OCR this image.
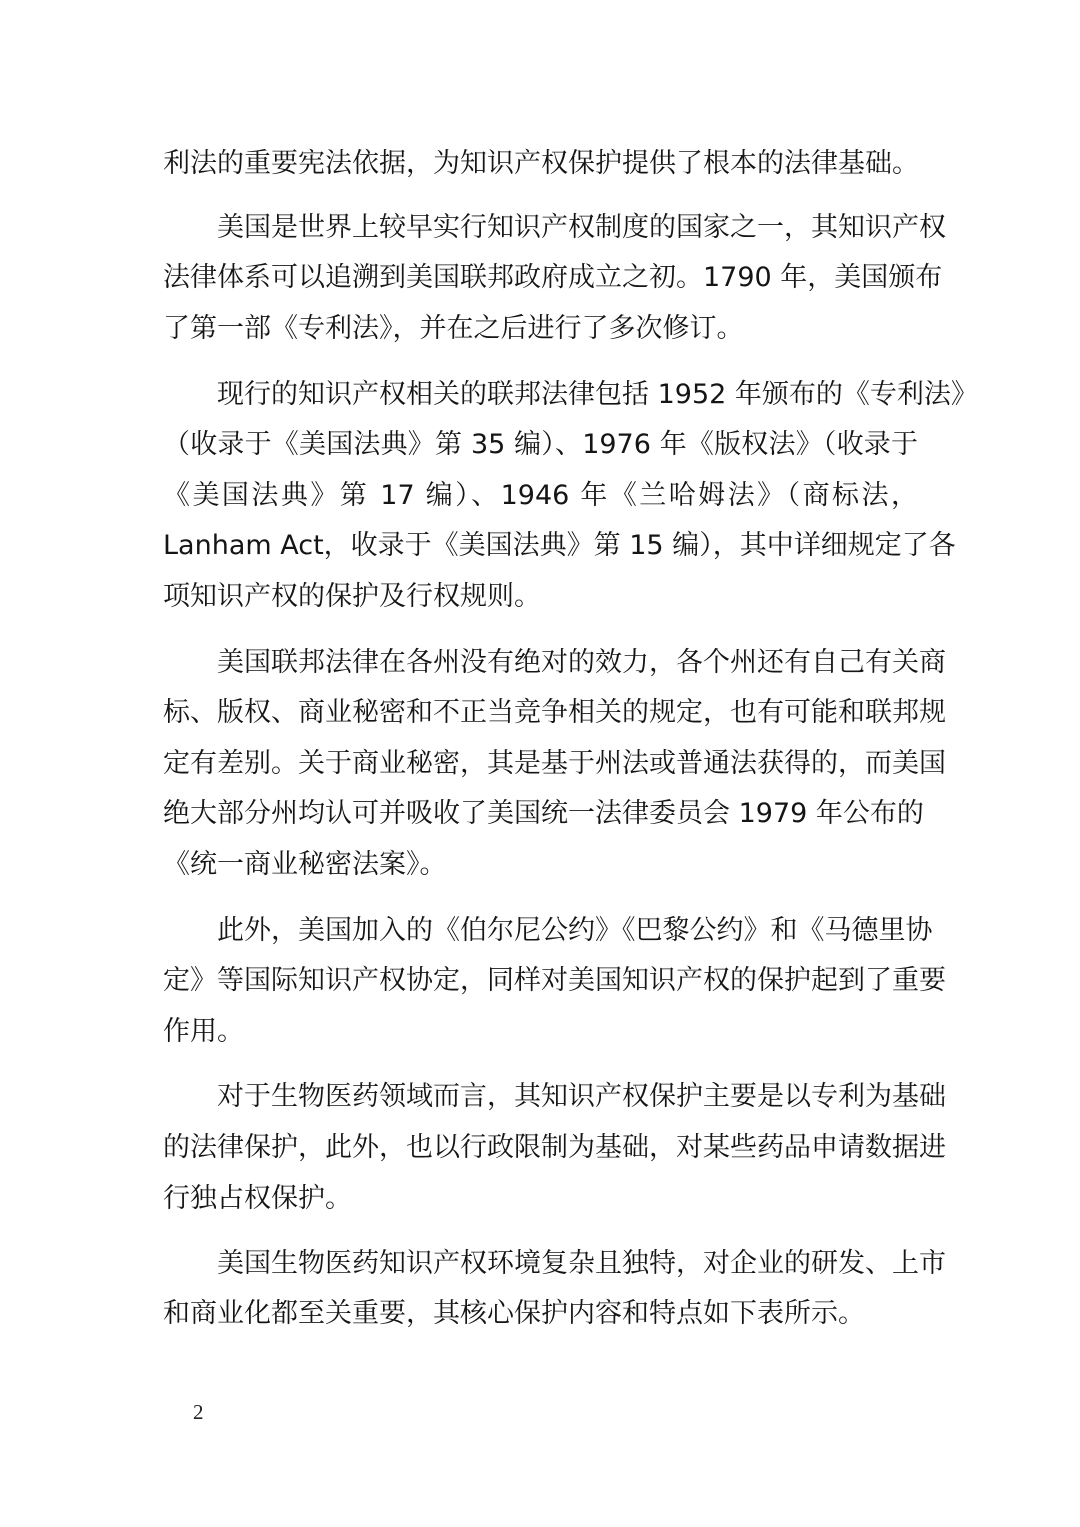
利法的重要宪法依据，为知识产权保护提供了根本的法律基础。

　　美国是世界上较早实行知识产权制度的国家之一，其知识产权

法律体系可以追溯到美国联邦政府成立之初。1790 年，美国颁布

了第一部《专利法》，并在之后进行了多次修订。

　　现行的知识产权相关的联邦法律包括 1952 年颁布的《专利法》

（收录于《美国法典》第 35 编）、1976 年《版权法》（收录于

《美国法典》第 17 编）、1946 年《兰哈姆法》（商标法，

Lanham Act，收录于《美国法典》第 15 编），其中详细规定了各

项知识产权的保护及行权规则。

　　美国联邦法律在各州没有绝对的效力，各个州还有自己有关商

标、版权、商业秘密和不正当竞争相关的规定，也有可能和联邦规

定有差别。关于商业秘密，其是基于州法或普通法获得的，而美国

绝大部分州均认可并吸收了美国统一法律委员会 1979 年公布的

《统一商业秘密法案》。

　　此外，美国加入的《伯尔尼公约》《巴黎公约》和《马德里协

定》等国际知识产权协定，同样对美国知识产权的保护起到了重要

作用。

　　对于生物医药领域而言，其知识产权保护主要是以专利为基础

的法律保护，此外，也以行政限制为基础，对某些药品申请数据进

行独占权保护。

　　美国生物医药知识产权环境复杂且独特，对企业的研发、上市

和商业化都至关重要，其核心保护内容和特点如下表所示。

2
